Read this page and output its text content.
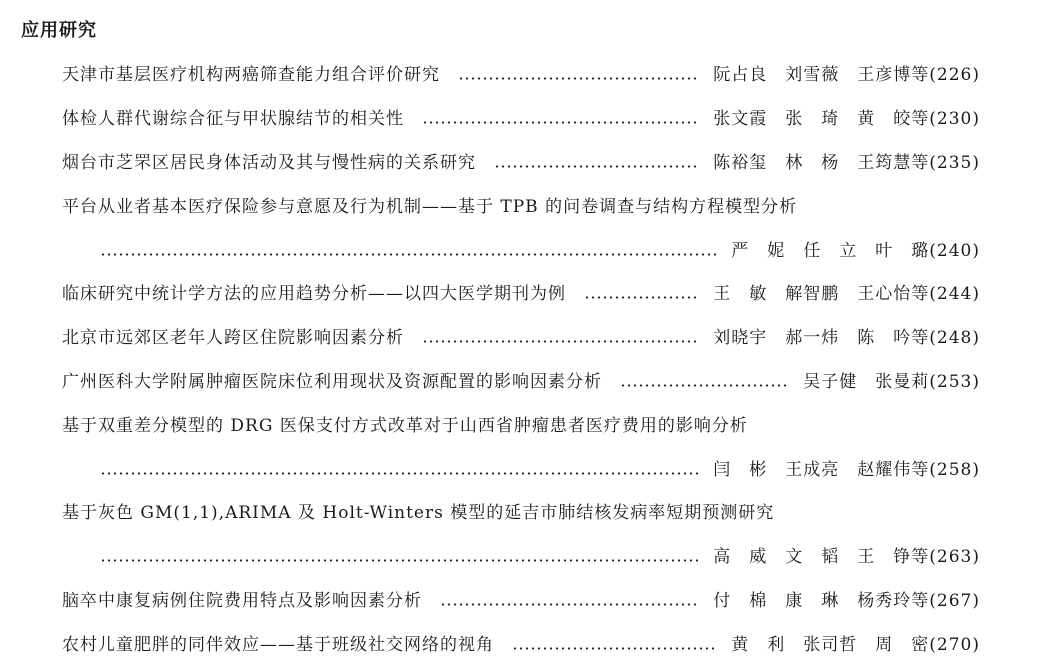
应用研究
天津市基层医疗机构两癌筛查能力组合评价研究	阮占良　刘雪薇　王彦博等(226)
体检人群代谢综合征与甲状腺结节的相关性	张文霞　张　琦　黄　皎等(230)
烟台市芝罘区居民身体活动及其与慢性病的关系研究	陈裕玺　林　杨　王筠慧等(235)
平台从业者基本医疗保险参与意愿及行为机制——基于 TPB 的问卷调查与结构方程模型分析
严　妮　任　立　叶　璐(240)
临床研究中统计学方法的应用趋势分析——以四大医学期刊为例	王　敏　解智鹏　王心怡等(244)
北京市远郊区老年人跨区住院影响因素分析	刘晓宇　郝一炜　陈　吟等(248)
广州医科大学附属肿瘤医院床位利用现状及资源配置的影响因素分析	吴子健　张曼莉(253)
基于双重差分模型的 DRG 医保支付方式改革对于山西省肿瘤患者医疗费用的影响分析
闫　彬　王成亮　赵耀伟等(258)
基于灰色 GM(1,1),ARIMA 及 Holt-Winters 模型的延吉市肺结核发病率短期预测研究
高　威　文　韬　王　铮等(263)
脑卒中康复病例住院费用特点及影响因素分析	付　棉　康　琳　杨秀玲等(267)
农村儿童肥胖的同伴效应——基于班级社交网络的视角	黄　利　张司哲　周　密(270)
